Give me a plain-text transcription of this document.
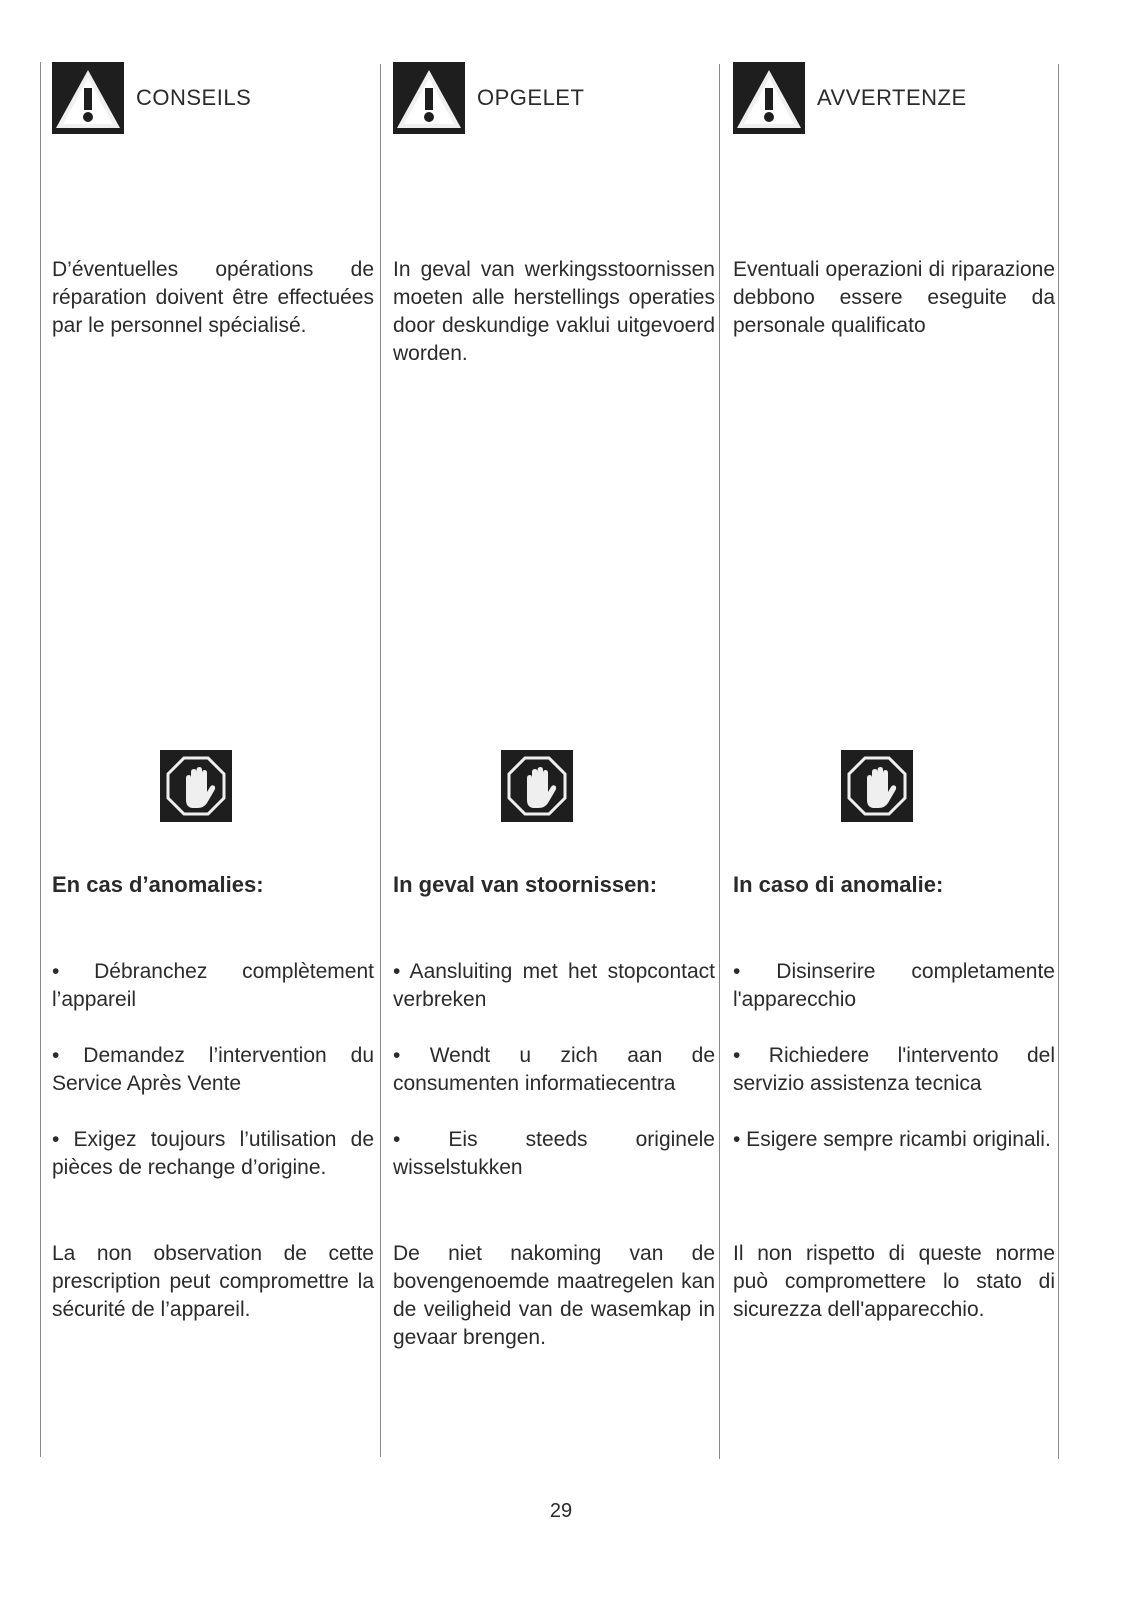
CONSEILS
D’éventuelles opérations de réparation doivent être effectuées par le personnel spécialisé.
En cas d’anomalies:
• Débranchez complètement l’appareil
• Demandez l’intervention du Service Après Vente
• Exigez toujours l’utilisation de pièces de rechange d’origine.
La non observation de cette prescription peut compromettre la sécurité de l’appareil.
OPGELET
In geval van werkingsstoornissen moeten alle herstellings operaties door deskundige vaklui uitgevoerd worden.
In geval van stoornissen:
• Aansluiting met het stopcontact verbreken
• Wendt u zich aan de consumenten informatiecentra
• Eis steeds originele wisselstukken
De niet nakoming van de bovengenoemde maatregelen kan de veiligheid van de wasemkap in gevaar brengen.
AVVERTENZE
Eventuali operazioni di riparazione debbono essere eseguite da personale qualificato
In caso di anomalie:
• Disinserire completamente l'apparecchio
• Richiedere l'intervento del servizio assistenza tecnica
• Esigere sempre ricambi originali.
Il non rispetto di queste norme può compromettere lo stato di sicurezza dell'apparecchio.
29
